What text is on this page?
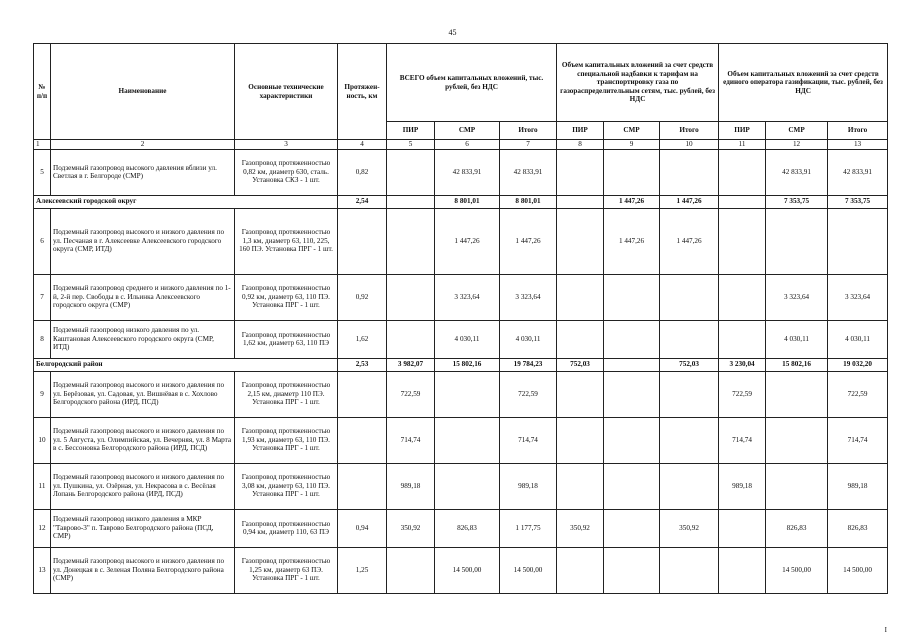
45
№ п/п	Наименование	Основные технические характеристики	Протяжен-ность, км	ВСЕГО объем капитальных вложений, тыс. рублей, без НДС			Объем капитальных вложений за счет средств специальной надбавки к тарифам на транспортировку газа по газораспределительным сетям, тыс. рублей, без НДС			Объем капитальных вложений за счет средств единого оператора газификации, тыс. рублей, без НДС		
				ПИР	СМР	Итого	ПИР	СМР	Итого	ПИР	СМР	Итого
1	2	3	4	5	6	7	8	9	10	11	12	13
5	Подземный газопровод высокого давления вблизи ул. Светлая в г. Белгороде (СМР)	Газопровод протяженностью 0,82 км, диаметр 630, сталь. Установка СКЗ - 1 шт.	0,82		42 833,91	42 833,91					42 833,91	42 833,91
Алексеевский городской округ			2,54		8 801,01	8 801,01		1 447,26	1 447,26		7 353,75	7 353,75
6	Подземный газопровод высокого и низкого давления по ул. Песчаная в г. Алексеевке Алексеевского городского округа (СМР, ИТД)	Газопровод протяженностью 1,3 км, диаметр 63, 110, 225, 160 ПЭ. Установка ПРГ - 1 шт.			1 447,26	1 447,26		1 447,26	1 447,26			
7	Подземный газопровод среднего и низкого давления по 1-й, 2-й пер. Свободы в с. Ильинка Алексеевского городского округа (СМР)	Газопровод протяженностью 0,92 км, диаметр 63, 110 ПЭ. Установка ПРГ - 1 шт.	0,92		3 323,64	3 323,64					3 323,64	3 323,64
8	Подземный газопровод низкого давления по ул. Каштановая Алексеевского городского округа (СМР, ИТД)	Газопровод протяженностью 1,62 км, диаметр 63, 110 ПЭ	1,62		4 030,11	4 030,11					4 030,11	4 030,11
Белгородский район			2,53	3 982,07	15 802,16	19 784,23	752,03		752,03	3 230,04	15 802,16	19 032,20
9	Подземный газопровод высокого и низкого давления по ул. Берёзовая, ул. Садовая, ул. Вишнёвая в с. Хохлово Белгородского района (ИРД, ПСД)	Газопровод протяженностью 2,15 км, диаметр 110 ПЭ. Установка ПРГ - 1 шт.		722,59		722,59				722,59		722,59
10	Подземный газопровод высокого и низкого давления по ул. 5 Августа, ул. Олимпийская, ул. Вечерняя, ул. 8 Марта в с. Бессоновка Белгородского района (ИРД, ПСД)	Газопровод протяженностью 1,93 км, диаметр 63, 110 ПЭ. Установка ПРГ - 1 шт.		714,74		714,74				714,74		714,74
11	Подземный газопровод высокого и низкого давления по ул. Пушкина, ул. Озёрная, ул. Некрасова в с. Весёлая Лопань Белгородского района (ИРД, ПСД)	Газопровод протяженностью 3,08 км, диаметр 63, 110 ПЭ. Установка ПРГ - 1 шт.		989,18		989,18				989,18		989,18
12	Подземный газопровод низкого давления в МКР "Таврово-3" п. Таврово Белгородского района (ПСД, СМР)	Газопровод протяженностью 0,94 км, диаметр 110, 63 ПЭ	0,94	350,92	826,83	1 177,75	350,92		350,92		826,83	826,83
13	Подземный газопровод высокого и низкого давления по ул. Донецкая в с. Зеленая Поляна Белгородского района (СМР)	Газопровод протяженностью 1,25 км, диаметр 63 ПЭ. Установка ПРГ - 1 шт.	1,25		14 500,00	14 500,00					14 500,00	14 500,00
I
